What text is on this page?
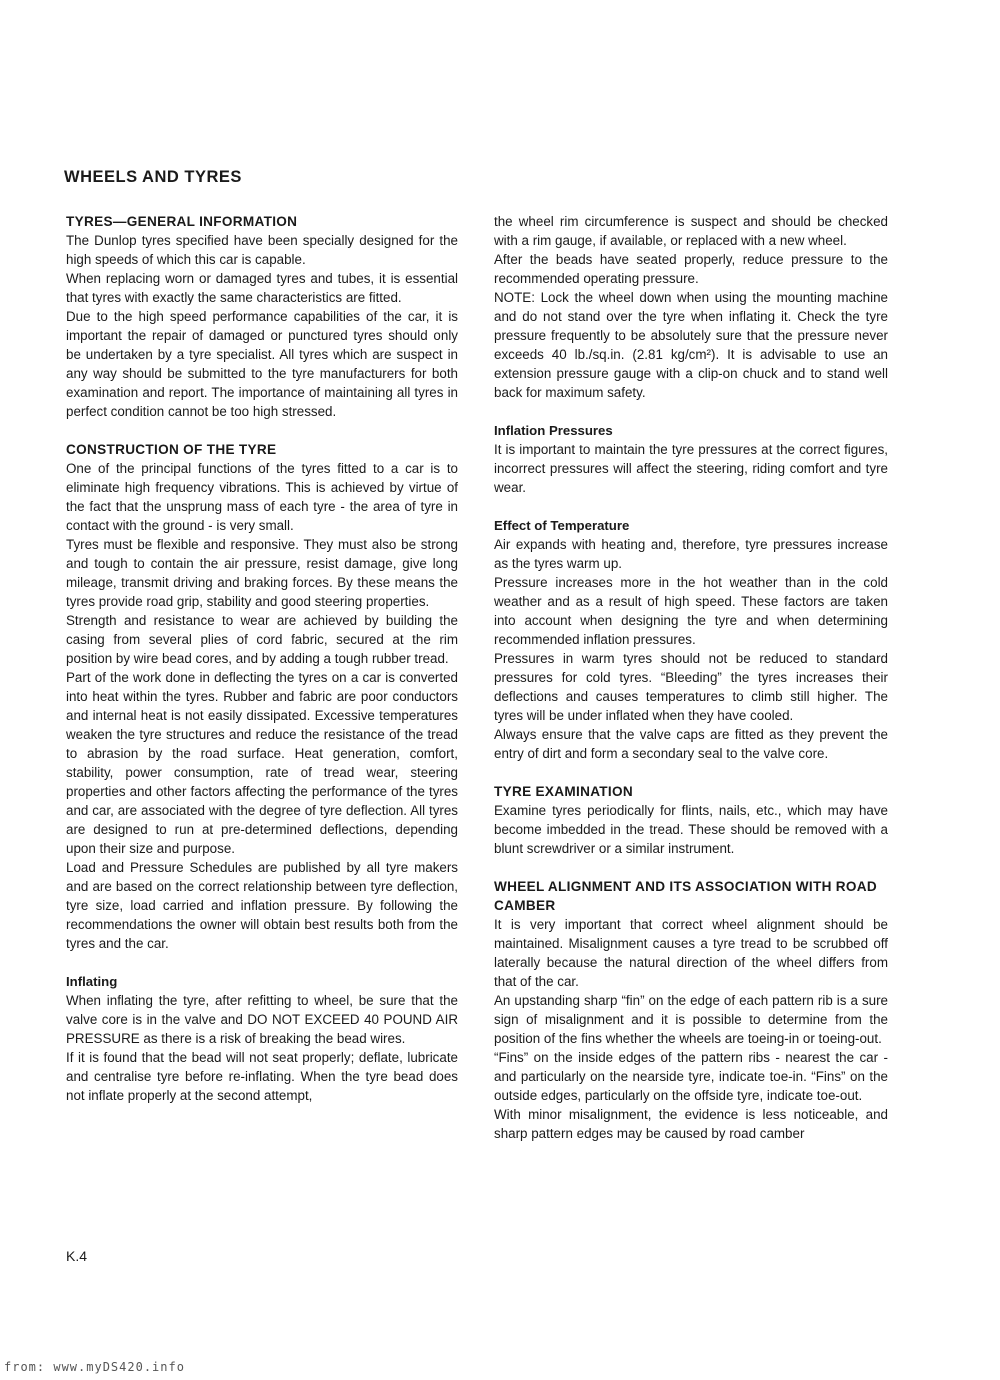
WHEELS AND TYRES
TYRES—GENERAL INFORMATION

The Dunlop tyres specified have been specially designed for the high speeds of which this car is capable.

When replacing worn or damaged tyres and tubes, it is essential that tyres with exactly the same characteristics are fitted.

Due to the high speed performance capabilities of the car, it is important the repair of damaged or punctured tyres should only be undertaken by a tyre specialist. All tyres which are suspect in any way should be submitted to the tyre manufacturers for both examination and report. The importance of maintaining all tyres in perfect condition cannot be too high stressed.

CONSTRUCTION OF THE TYRE

One of the principal functions of the tyres fitted to a car is to eliminate high frequency vibrations. This is achieved by virtue of the fact that the unsprung mass of each tyre - the area of tyre in contact with the ground - is very small.

Tyres must be flexible and responsive. They must also be strong and tough to contain the air pressure, resist damage, give long mileage, transmit driving and braking forces. By these means the tyres provide road grip, stability and good steering properties.

Strength and resistance to wear are achieved by building the casing from several plies of cord fabric, secured at the rim position by wire bead cores, and by adding a tough rubber tread.

Part of the work done in deflecting the tyres on a car is converted into heat within the tyres. Rubber and fabric are poor conductors and internal heat is not easily dissipated. Excessive temperatures weaken the tyre structures and reduce the resistance of the tread to abrasion by the road surface. Heat generation, comfort, stability, power consumption, rate of tread wear, steering properties and other factors affecting the performance of the tyres and car, are associated with the degree of tyre deflection. All tyres are designed to run at pre-determined deflections, depending upon their size and purpose.

Load and Pressure Schedules are published by all tyre makers and are based on the correct relationship between tyre deflection, tyre size, load carried and inflation pressure. By following the recommendations the owner will obtain best results both from the tyres and the car.

Inflating

When inflating the tyre, after refitting to wheel, be sure that the valve core is in the valve and DO NOT EXCEED 40 POUND AIR PRESSURE as there is a risk of breaking the bead wires.

If it is found that the bead will not seat properly; deflate, lubricate and centralise tyre before re-inflating. When the tyre bead does not inflate properly at the second attempt,

the wheel rim circumference is suspect and should be checked with a rim gauge, if available, or replaced with a new wheel.

After the beads have seated properly, reduce pressure to the recommended operating pressure.

NOTE: Lock the wheel down when using the mounting machine and do not stand over the tyre when inflating it. Check the tyre pressure frequently to be absolutely sure that the pressure never exceeds 40 lb./sq.in. (2.81 kg/cm²). It is advisable to use an extension pressure gauge with a clip-on chuck and to stand well back for maximum safety.

Inflation Pressures

It is important to maintain the tyre pressures at the correct figures, incorrect pressures will affect the steering, riding comfort and tyre wear.

Effect of Temperature

Air expands with heating and, therefore, tyre pressures increase as the tyres warm up.

Pressure increases more in the hot weather than in the cold weather and as a result of high speed. These factors are taken into account when designing the tyre and when determining recommended inflation pressures.

Pressures in warm tyres should not be reduced to standard pressures for cold tyres. “Bleeding” the tyres increases their deflections and causes temperatures to climb still higher. The tyres will be under inflated when they have cooled.

Always ensure that the valve caps are fitted as they prevent the entry of dirt and form a secondary seal to the valve core.

TYRE EXAMINATION

Examine tyres periodically for flints, nails, etc., which may have become imbedded in the tread. These should be removed with a blunt screwdriver or a similar instrument.

WHEEL ALIGNMENT AND ITS ASSOCIATION WITH ROAD CAMBER

It is very important that correct wheel alignment should be maintained. Misalignment causes a tyre tread to be scrubbed off laterally because the natural direction of the wheel differs from that of the car.

An upstanding sharp “fin” on the edge of each pattern rib is a sure sign of misalignment and it is possible to determine from the position of the fins whether the wheels are toeing-in or toeing-out.

“Fins” on the inside edges of the pattern ribs - nearest the car - and particularly on the nearside tyre, indicate toe-in. “Fins” on the outside edges, particularly on the offside tyre, indicate toe-out.

With minor misalignment, the evidence is less noticeable, and sharp pattern edges may be caused by road camber

K.4
from: www.myDS420.info
